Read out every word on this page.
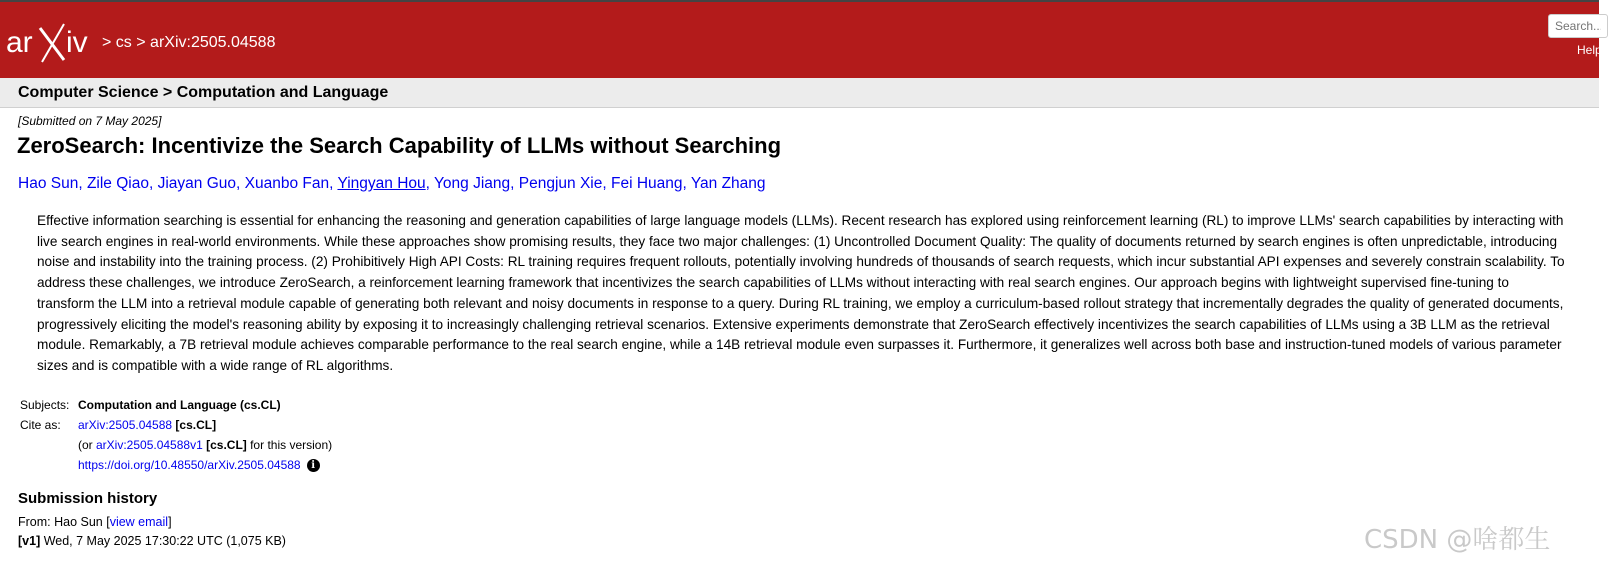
ar iv > cs > arXiv:2505.04588
Search...	Help
Computer Science > Computation and Language
[Submitted on 7 May 2025]
ZeroSearch: Incentivize the Search Capability of LLMs without Searching
Hao Sun, Zile Qiao, Jiayan Guo, Xuanbo Fan, Yingyan Hou, Yong Jiang, Pengjun Xie, Fei Huang, Yan Zhang
Effective information searching is essential for enhancing the reasoning and generation capabilities of large language models (LLMs). Recent research has explored using reinforcement learning (RL) to improve LLMs' search capabilities by interacting with live search engines in real-world environments. While these approaches show promising results, they face two major challenges: (1) Uncontrolled Document Quality: The quality of documents returned by search engines is often unpredictable, introducing noise and instability into the training process. (2) Prohibitively High API Costs: RL training requires frequent rollouts, potentially involving hundreds of thousands of search requests, which incur substantial API expenses and severely constrain scalability. To address these challenges, we introduce ZeroSearch, a reinforcement learning framework that incentivizes the search capabilities of LLMs without interacting with real search engines. Our approach begins with lightweight supervised fine-tuning to transform the LLM into a retrieval module capable of generating both relevant and noisy documents in response to a query. During RL training, we employ a curriculum-based rollout strategy that incrementally degrades the quality of generated documents, progressively eliciting the model's reasoning ability by exposing it to increasingly challenging retrieval scenarios. Extensive experiments demonstrate that ZeroSearch effectively incentivizes the search capabilities of LLMs using a 3B LLM as the retrieval module. Remarkably, a 7B retrieval module achieves comparable performance to the real search engine, while a 14B retrieval module even surpasses it. Furthermore, it generalizes well across both base and instruction-tuned models of various parameter sizes and is compatible with a wide range of RL algorithms.
Subjects:	Computation and Language (cs.CL)
Cite as:	arXiv:2505.04588 [cs.CL]
	(or arXiv:2505.04588v1 [cs.CL] for this version)
	https://doi.org/10.48550/arXiv.2505.04588 i
Submission history
From: Hao Sun [view email]
[v1] Wed, 7 May 2025 17:30:22 UTC (1,075 KB)	CSDN @啥都生
